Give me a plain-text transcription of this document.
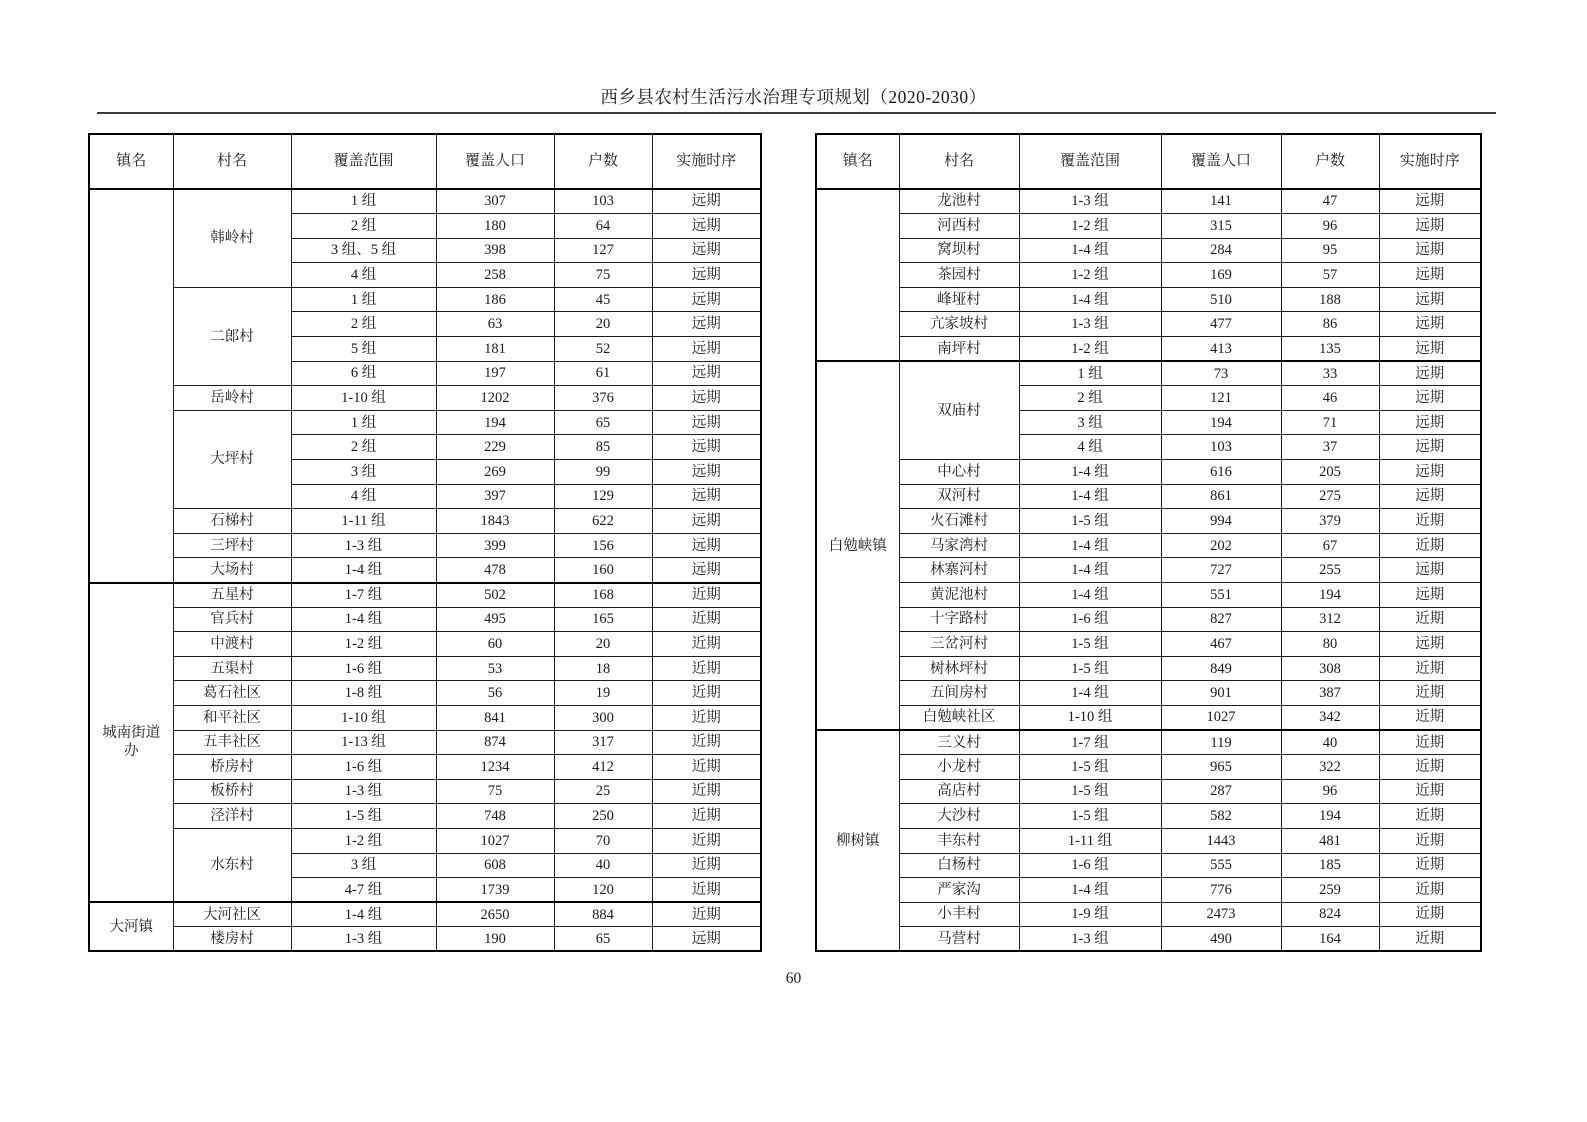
西乡县农村生活污水治理专项规划（2020-2030）
镇名	村名	覆盖范围	覆盖人口	户数	实施时序
	韩岭村	1 组	307	103	远期
		2 组	180	64	远期
		3 组、5 组	398	127	远期
		4 组	258	75	远期
	二郎村	1 组	186	45	远期
		2 组	63	20	远期
		5 组	181	52	远期
		6 组	197	61	远期
	岳岭村	1-10 组	1202	376	远期
	大坪村	1 组	194	65	远期
		2 组	229	85	远期
		3 组	269	99	远期
		4 组	397	129	远期
	石梯村	1-11 组	1843	622	远期
	三坪村	1-3 组	399	156	远期
	大场村	1-4 组	478	160	远期
城南街道办	五星村	1-7 组	502	168	近期
	官兵村	1-4 组	495	165	近期
	中渡村	1-2 组	60	20	近期
	五渠村	1-6 组	53	18	近期
	葛石社区	1-8 组	56	19	近期
	和平社区	1-10 组	841	300	近期
	五丰社区	1-13 组	874	317	近期
	桥房村	1-6 组	1234	412	近期
	板桥村	1-3 组	75	25	近期
	泾洋村	1-5 组	748	250	近期
	水东村	1-2 组	1027	70	近期
		3 组	608	40	近期
		4-7 组	1739	120	近期
大河镇	大河社区	1-4 组	2650	884	近期
	楼房村	1-3 组	190	65	远期
镇名	村名	覆盖范围	覆盖人口	户数	实施时序
	龙池村	1-3 组	141	47	远期
	河西村	1-2 组	315	96	远期
	窝坝村	1-4 组	284	95	远期
	茶园村	1-2 组	169	57	远期
	峰垭村	1-4 组	510	188	远期
	亢家坡村	1-3 组	477	86	远期
	南坪村	1-2 组	413	135	远期
白勉峡镇	双庙村	1 组	73	33	远期
		2 组	121	46	远期
		3 组	194	71	远期
		4 组	103	37	远期
	中心村	1-4 组	616	205	远期
	双河村	1-4 组	861	275	远期
	火石滩村	1-5 组	994	379	近期
	马家湾村	1-4 组	202	67	近期
	林寨河村	1-4 组	727	255	远期
	黄泥池村	1-4 组	551	194	远期
	十字路村	1-6 组	827	312	近期
	三岔河村	1-5 组	467	80	远期
	树林坪村	1-5 组	849	308	近期
	五间房村	1-4 组	901	387	近期
	白勉峡社区	1-10 组	1027	342	近期
柳树镇	三义村	1-7 组	119	40	近期
	小龙村	1-5 组	965	322	近期
	高店村	1-5 组	287	96	近期
	大沙村	1-5 组	582	194	近期
	丰东村	1-11 组	1443	481	近期
	白杨村	1-6 组	555	185	近期
	严家沟	1-4 组	776	259	近期
	小丰村	1-9 组	2473	824	近期
	马营村	1-3 组	490	164	近期
60
